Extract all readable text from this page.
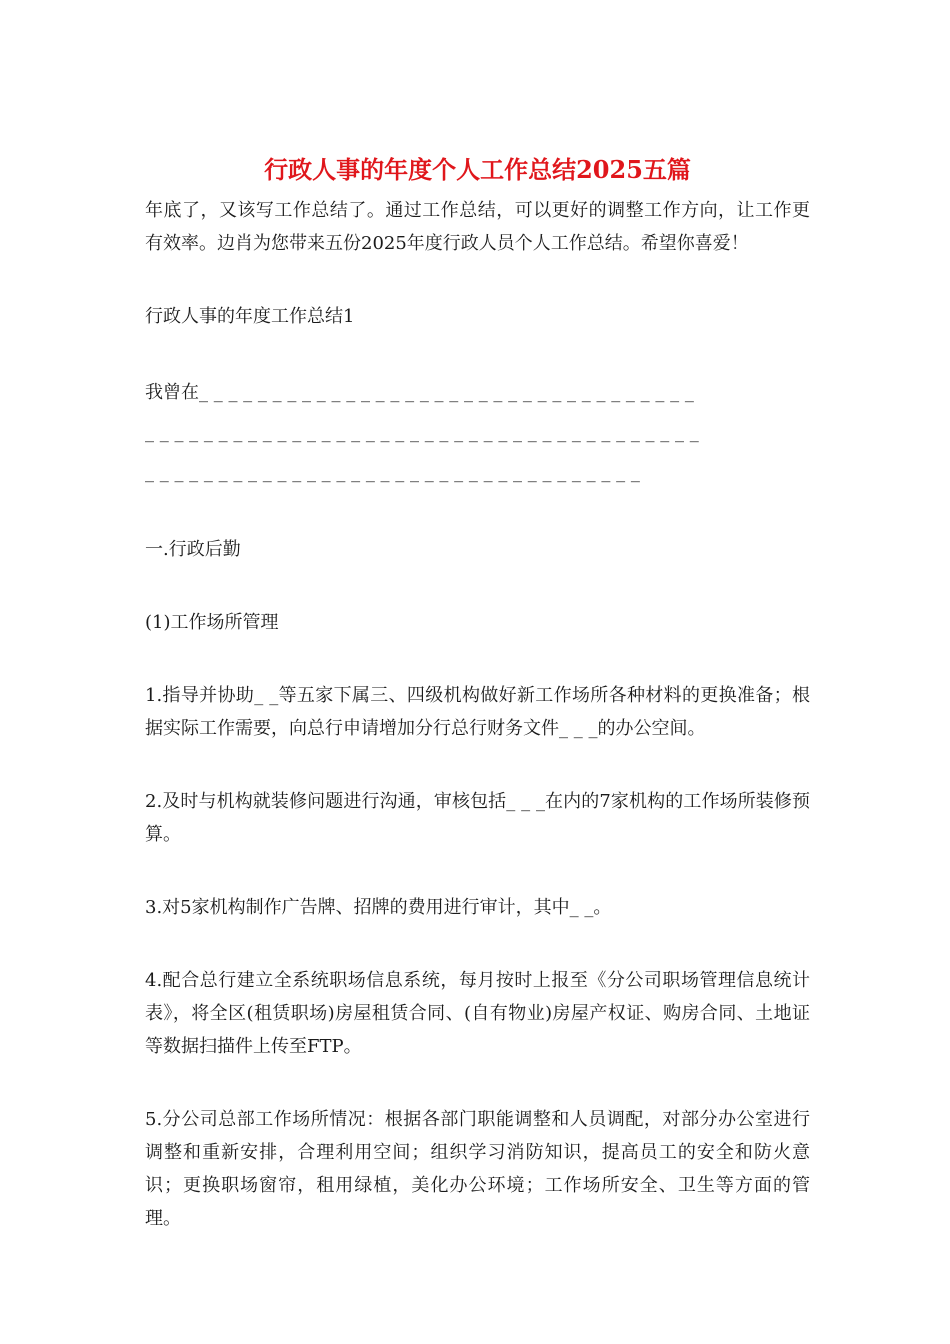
行政人事的年度个人工作总结2025五篇

年底了，又该写工作总结了。通过工作总结，可以更好的调整工作方向，让工作更有效率。边肖为您带来五份2025年度行政人员个人工作总结。希望你喜爱！

行政人事的年度工作总结1

我曾在_ _ _ _ _ _ _ _ _ _ _ _ _ _ _ _ _ _ _ _ _ _ _ _ _ _ _ _ _ _ _ _ _ _

_ _ _ _ _ _ _ _ _ _ _ _ _ _ _ _ _ _ _ _ _ _ _ _ _ _ _ _ _ _ _ _ _ _ _ _ _ _

_ _ _ _ _ _ _ _ _ _ _ _ _ _ _ _ _ _ _ _ _ _ _ _ _ _ _ _ _ _ _ _ _ _

一.行政后勤

(1)工作场所管理

1.指导并协助_ _等五家下属三、四级机构做好新工作场所各种材料的更换准备；根据实际工作需要，向总行申请增加分行总行财务文件_ _ _的办公空间。

2.及时与机构就装修问题进行沟通，审核包括_ _ _在内的7家机构的工作场所装修预算。

3.对5家机构制作广告牌、招牌的费用进行审计，其中_ _。

4.配合总行建立全系统职场信息系统，每月按时上报至《分公司职场管理信息统计表》，将全区(租赁职场)房屋租赁合同、(自有物业)房屋产权证、购房合同、土地证等数据扫描件上传至FTP。

5.分公司总部工作场所情况：根据各部门职能调整和人员调配，对部分办公室进行调整和重新安排，合理利用空间；组织学习消防知识，提高员工的安全和防火意识；更换职场窗帘，租用绿植，美化办公环境；工作场所安全、卫生等方面的管理。
